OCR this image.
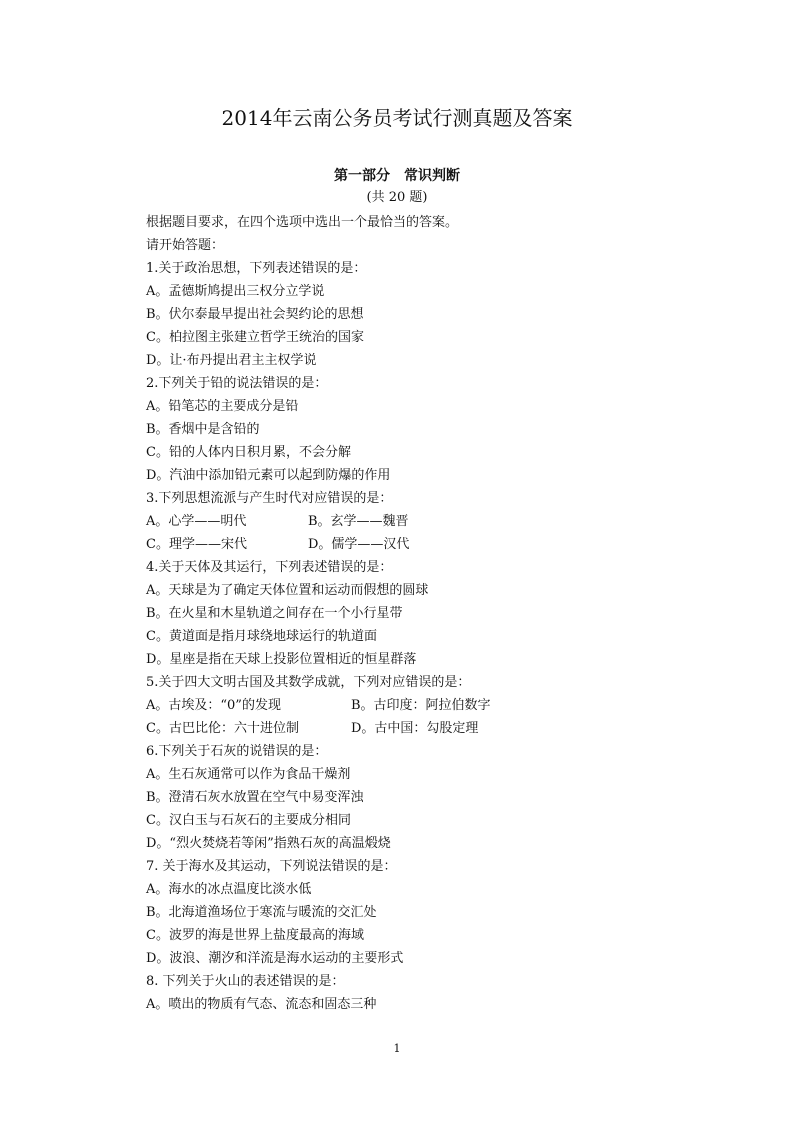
2014年云南公务员考试行测真题及答案
第一部分　常识判断
(共 20 题)
根据题目要求，在四个选项中选出一个最恰当的答案。
请开始答题：
1.关于政治思想，下列表述错误的是：
A。孟德斯鸠提出三权分立学说
B。伏尔泰最早提出社会契约论的思想
C。柏拉图主张建立哲学王统治的国家
D。让·布丹提出君主主权学说
2.下列关于铅的说法错误的是：
A。铅笔芯的主要成分是铅
B。香烟中是含铅的
C。铅的人体内日积月累，不会分解
D。汽油中添加铅元素可以起到防爆的作用
3.下列思想流派与产生时代对应错误的是：
A。心学——明代	B。玄学——魏晋
C。理学——宋代	D。儒学——汉代
4.关于天体及其运行，下列表述错误的是：
A。天球是为了确定天体位置和运动而假想的圆球
B。在火星和木星轨道之间存在一个小行星带
C。黄道面是指月球绕地球运行的轨道面
D。星座是指在天球上投影位置相近的恒星群落
5.关于四大文明古国及其数学成就，下列对应错误的是：
A。古埃及：“0”的发现	B。古印度：阿拉伯数字
C。古巴比伦：六十进位制	D。古中国：勾股定理
6.下列关于石灰的说错误的是：
A。生石灰通常可以作为食品干燥剂
B。澄清石灰水放置在空气中易变浑浊
C。汉白玉与石灰石的主要成分相同
D。“烈火焚烧若等闲”指熟石灰的高温煅烧
7. 关于海水及其运动，下列说法错误的是：
A。海水的冰点温度比淡水低
B。北海道渔场位于寒流与暖流的交汇处
C。波罗的海是世界上盐度最高的海域
D。波浪、潮汐和洋流是海水运动的主要形式
8. 下列关于火山的表述错误的是：
A。喷出的物质有气态、流态和固态三种
1
